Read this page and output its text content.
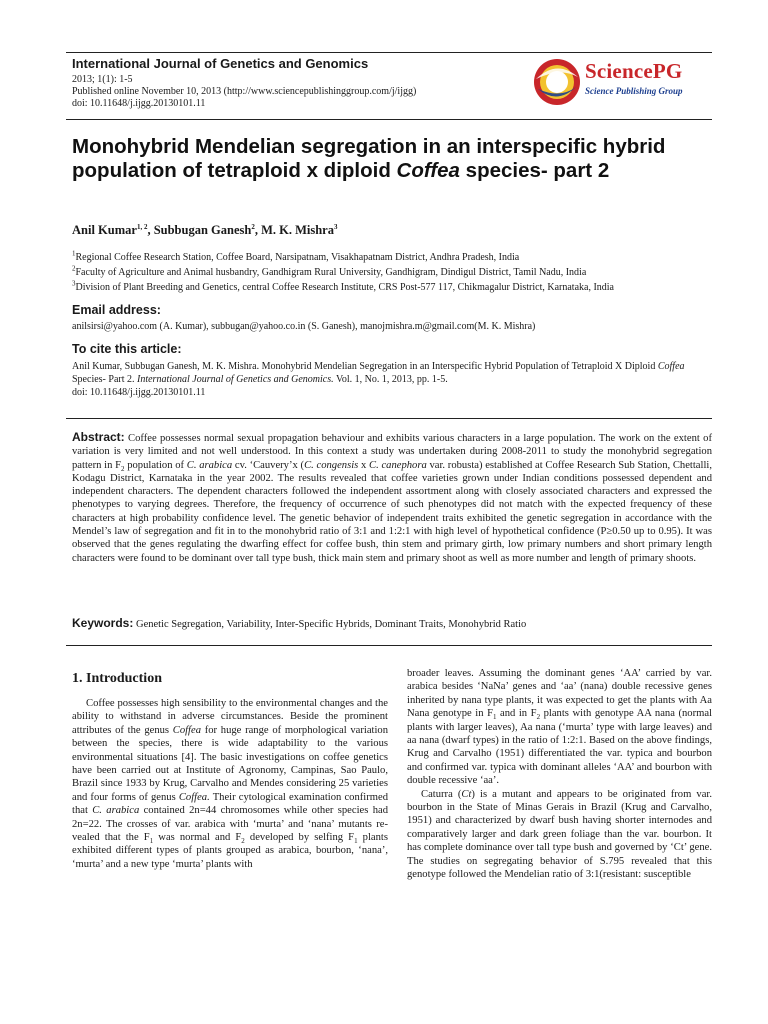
International Journal of Genetics and Genomics
2013; 1(1): 1-5
Published online November 10, 2013 (http://www.sciencepublishinggroup.com/j/ijgg)
doi: 10.11648/j.ijgg.20130101.11
SciencePG
Science Publishing Group
Monohybrid Mendelian segregation in an interspecific hybrid population of tetraploid x diploid Coffea species- part 2
Anil Kumar$^{1, 2}$, Subbugan Ganesh$^2$, M. K. Mishra$^3$
$^1$Regional Coffee Research Station, Coffee Board, Narsipatnam, Visakhapatnam District, Andhra Pradesh, India
$^2$Faculty of Agriculture and Animal husbandry, Gandhigram Rural University, Gandhigram, Dindigul District, Tamil Nadu, India
$^3$Division of Plant Breeding and Genetics, central Coffee Research Institute, CRS Post-577 117, Chikmagalur District, Karnataka, India
Email address:
anilsirsi@yahoo.com (A. Kumar), subbugan@yahoo.co.in (S. Ganesh), manojmishra.m@gmail.com(M. K. Mishra)
To cite this article:
Anil Kumar, Subbugan Ganesh, M. K. Mishra. Monohybrid Mendelian Segregation in an Interspecific Hybrid Population of Tetraploid X Diploid Coffea Species- Part 2. International Journal of Genetics and Genomics. Vol. 1, No. 1, 2013, pp. 1-5.
doi: 10.11648/j.ijgg.20130101.11

Abstract: Coffee possesses normal sexual propagation behaviour and exhibits various characters in a large population. The work on the extent of variation is very limited and not well understood. In this context a study was undertaken during 2008-2011 to study the monohybrid segregation pattern in $F_2$ population of C. arabica cv. ‘Cauvery’x (C. congensis x C. canephora var. robusta) established at Coffee Research Sub Station, Chettalli, Kodagu District, Karnataka in the year 2002. The results revealed that coffee varieties grown under Indian conditions possessed dependent and independent characters. The dependent characters followed the independent assortment along with closely associated characters and expressed the phenotypes to varying degrees. Therefore, the frequency of occurrence of such phenotypes did not match with the expected frequency of these characters at high probability confidence level. The genetic behavior of independent traits exhibited the genetic segregation in accordance with the Mendel’s law of segregation and fit in to the monohybrid ratio of 3:1 and 1:2:1 with high level of hypothetical confidence (P≥0.50 up to 0.95). It was observed that the genes regulating the dwarfing effect for coffee bush, thin stem and primary girth, low primary numbers and short primary length characters were found to be dominant over tall type bush, thick main stem and primary shoot as well as more number and length of primary shoots.

Keywords: Genetic Segregation, Variability, Inter-Specific Hybrids, Dominant Traits, Monohybrid Ratio
1. Introduction

Coffee possesses high sensibility to the environmental changes and the ability to withstand in adverse circumstances. Beside the prominent attributes of the genus Coffea for huge range of morphological variation between the species, there is wide adaptability to the various environmental situations [4]. The basic investigations on coffee genetics have been carried out at Institute of Agronomy, Campinas, Sao Paulo, Brazil since 1933 by Krug, Carvalho and Mendes considering 25 varieties and four forms of genus Coffea. Their cytological examination confirmed that C. arabica contained 2n=44 chromosomes while other species had 2n=22. The crosses of var. arabica with ‘murta’ and ‘nana’ mutants revealed that the $F_1$ was normal and $F_2$ developed by selfing $F_1$ plants exhibited different types of plants grouped as arabica, bourbon, ‘nana’, ‘murta’ and a new type ‘murta’ plants with

broader leaves. Assuming the dominant genes ‘AA’ carried by var. arabica besides ‘NaNa’ genes and ‘aa’ (nana) double recessive genes inherited by nana type plants, it was expected to get the plants with Aa Nana genotype in $F_1$ and in $F_2$ plants with genotype AA nana (normal plants with larger leaves), Aa nana (‘murta’ type with large leaves) and aa nana (dwarf types) in the ratio of 1:2:1. Based on the above findings, Krug and Carvalho (1951) differentiated the var. typica and bourbon and confirmed var. typica with dominant alleles ‘AA’ and bourbon with double recessive ‘aa’.

Caturra (Ct) is a mutant and appears to be originated from var. bourbon in the State of Minas Gerais in Brazil (Krug and Carvalho, 1951) and characterized by dwarf bush having shorter internodes and comparatively larger and dark green foliage than the var. bourbon. It has complete dominance over tall type bush and governed by ‘Ct’ gene. The studies on segregating behavior of S.795 revealed that this genotype followed the Mendelian ratio of 3:1(resistant: susceptible
